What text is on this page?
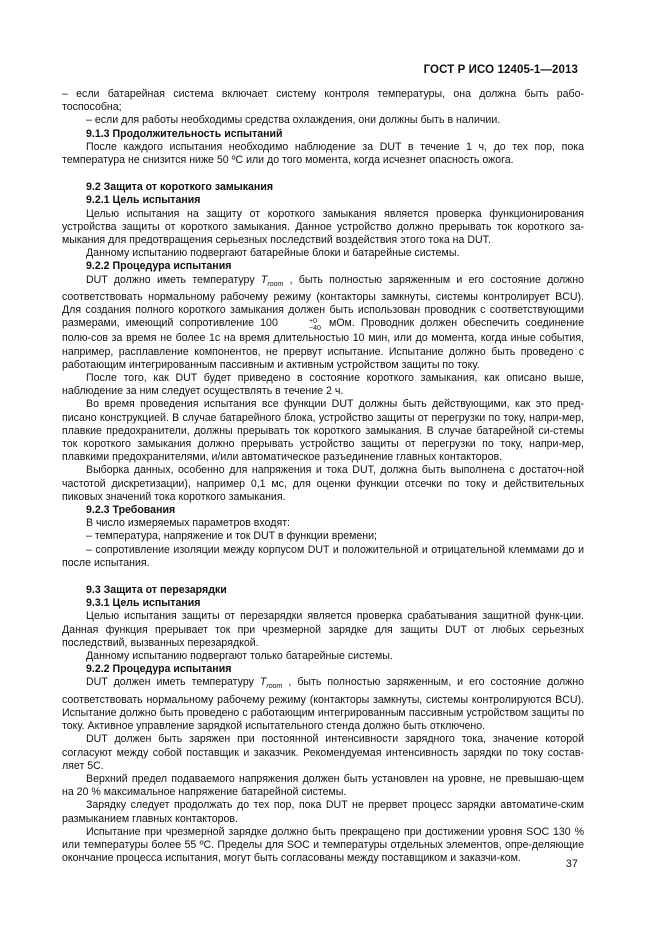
ГОСТ Р ИСО 12405-1—2013

– если батарейная система включает систему контроля температуры, она должна быть рабо-тоспособна;

– если для работы необходимы средства охлаждения, они должны быть в наличии.

9.1.3 Продолжительность испытаний

После каждого испытания необходимо наблюдение за DUT в течение 1 ч, до тех пор, пока температура не снизится ниже 50 ºС или до того момента, когда исчезнет опасность ожога.

9.2 Защита от короткого замыкания
9.2.1 Цель испытания

Целью испытания на защиту от короткого замыкания является проверка функционирования устройства защиты от короткого замыкания. Данное устройство должно прерывать ток короткого за-мыкания для предотвращения серьезных последствий воздействия этого тока на DUT.

Данному испытанию подвергают батарейные блоки и батарейные системы.

9.2.2 Процедура испытания

DUT должно иметь температуру $T_{room}$ , быть полностью заряженным и его состояние должно соответствовать нормальному рабочему режиму (контакторы замкнуты, системы контролирует BCU). Для создания полного короткого замыкания должен быть использован проводник с соответствующими размерами, имеющий сопротивление 100	+0
−40 мОм. Проводник должен обеспечить соединение полю-сов за время не более 1с на время длительностью 10 мин, или до момента, когда иные события, например, расплавление компонентов, не прервут испытание. Испытание должно быть проведено с работающим интегрированным пассивным и активным устройством защиты по току.

После того, как DUT будет приведено в состояние короткого замыкания, как описано выше, наблюдение за ним следует осуществлять в течение 2 ч.

Во время проведения испытания все функции DUT должны быть действующими, как это пред-писано конструкцией. В случае батарейного блока, устройство защиты от перегрузки по току, напри-мер, плавкие предохранители, должны прерывать ток короткого замыкания. В случае батарейной си-стемы ток короткого замыкания должно прерывать устройство защиты от перегрузки по току, напри-мер, плавкими предохранителями, и/или автоматическое разъединение главных контакторов.

Выборка данных, особенно для напряжения и тока DUT, должна быть выполнена с достаточ-ной частотой дискретизации), например 0,1 мс, для оценки функции отсечки по току и действительных пиковых значений тока короткого замыкания.

9.2.3 Требования

В число измеряемых параметров входят:

– температура, напряжение и ток DUT в функции времени;

– сопротивление изоляции между корпусом DUT и положительной и отрицательной клеммами до и после испытания.

9.3 Защита от перезарядки
9.3.1 Цель испытания

Целью испытания защиты от перезарядки является проверка срабатывания защитной функ-ции. Данная функция прерывает ток при чрезмерной зарядке для защиты DUT от любых серьезных последствий, вызванных перезарядкой.

Данному испытанию подвергают только батарейные системы.

9.2.2 Процедура испытания

DUT должен иметь температуру $T_{room}$ , быть полностью заряженным, и его состояние должно соответствовать нормальному рабочему режиму (контакторы замкнуты, системы контролируются BCU). Испытание должно быть проведено с работающим интегрированным пассивным устройством защиты по току. Активное управление зарядкой испытательного стенда должно быть отключено.

DUT должен быть заряжен при постоянной интенсивности зарядного тока, значение которой согласуют между собой поставщик и заказчик. Рекомендуемая интенсивность зарядки по току состав-ляет 5С.

Верхний предел подаваемого напряжения должен быть установлен на уровне, не превышаю-щем на 20 % максимальное напряжение батарейной системы.

Зарядку следует продолжать до тех пор, пока DUT не прервет процесс зарядки автоматиче-ским размыканием главных контакторов.

Испытание при чрезмерной зарядке должно быть прекращено при достижении уровня SOC 130 % или температуры более 55 ºС. Пределы для SOC и температуры отдельных элементов, опре-деляющие окончание процесса испытания, могут быть согласованы между поставщиком и заказчи-ком.	37
